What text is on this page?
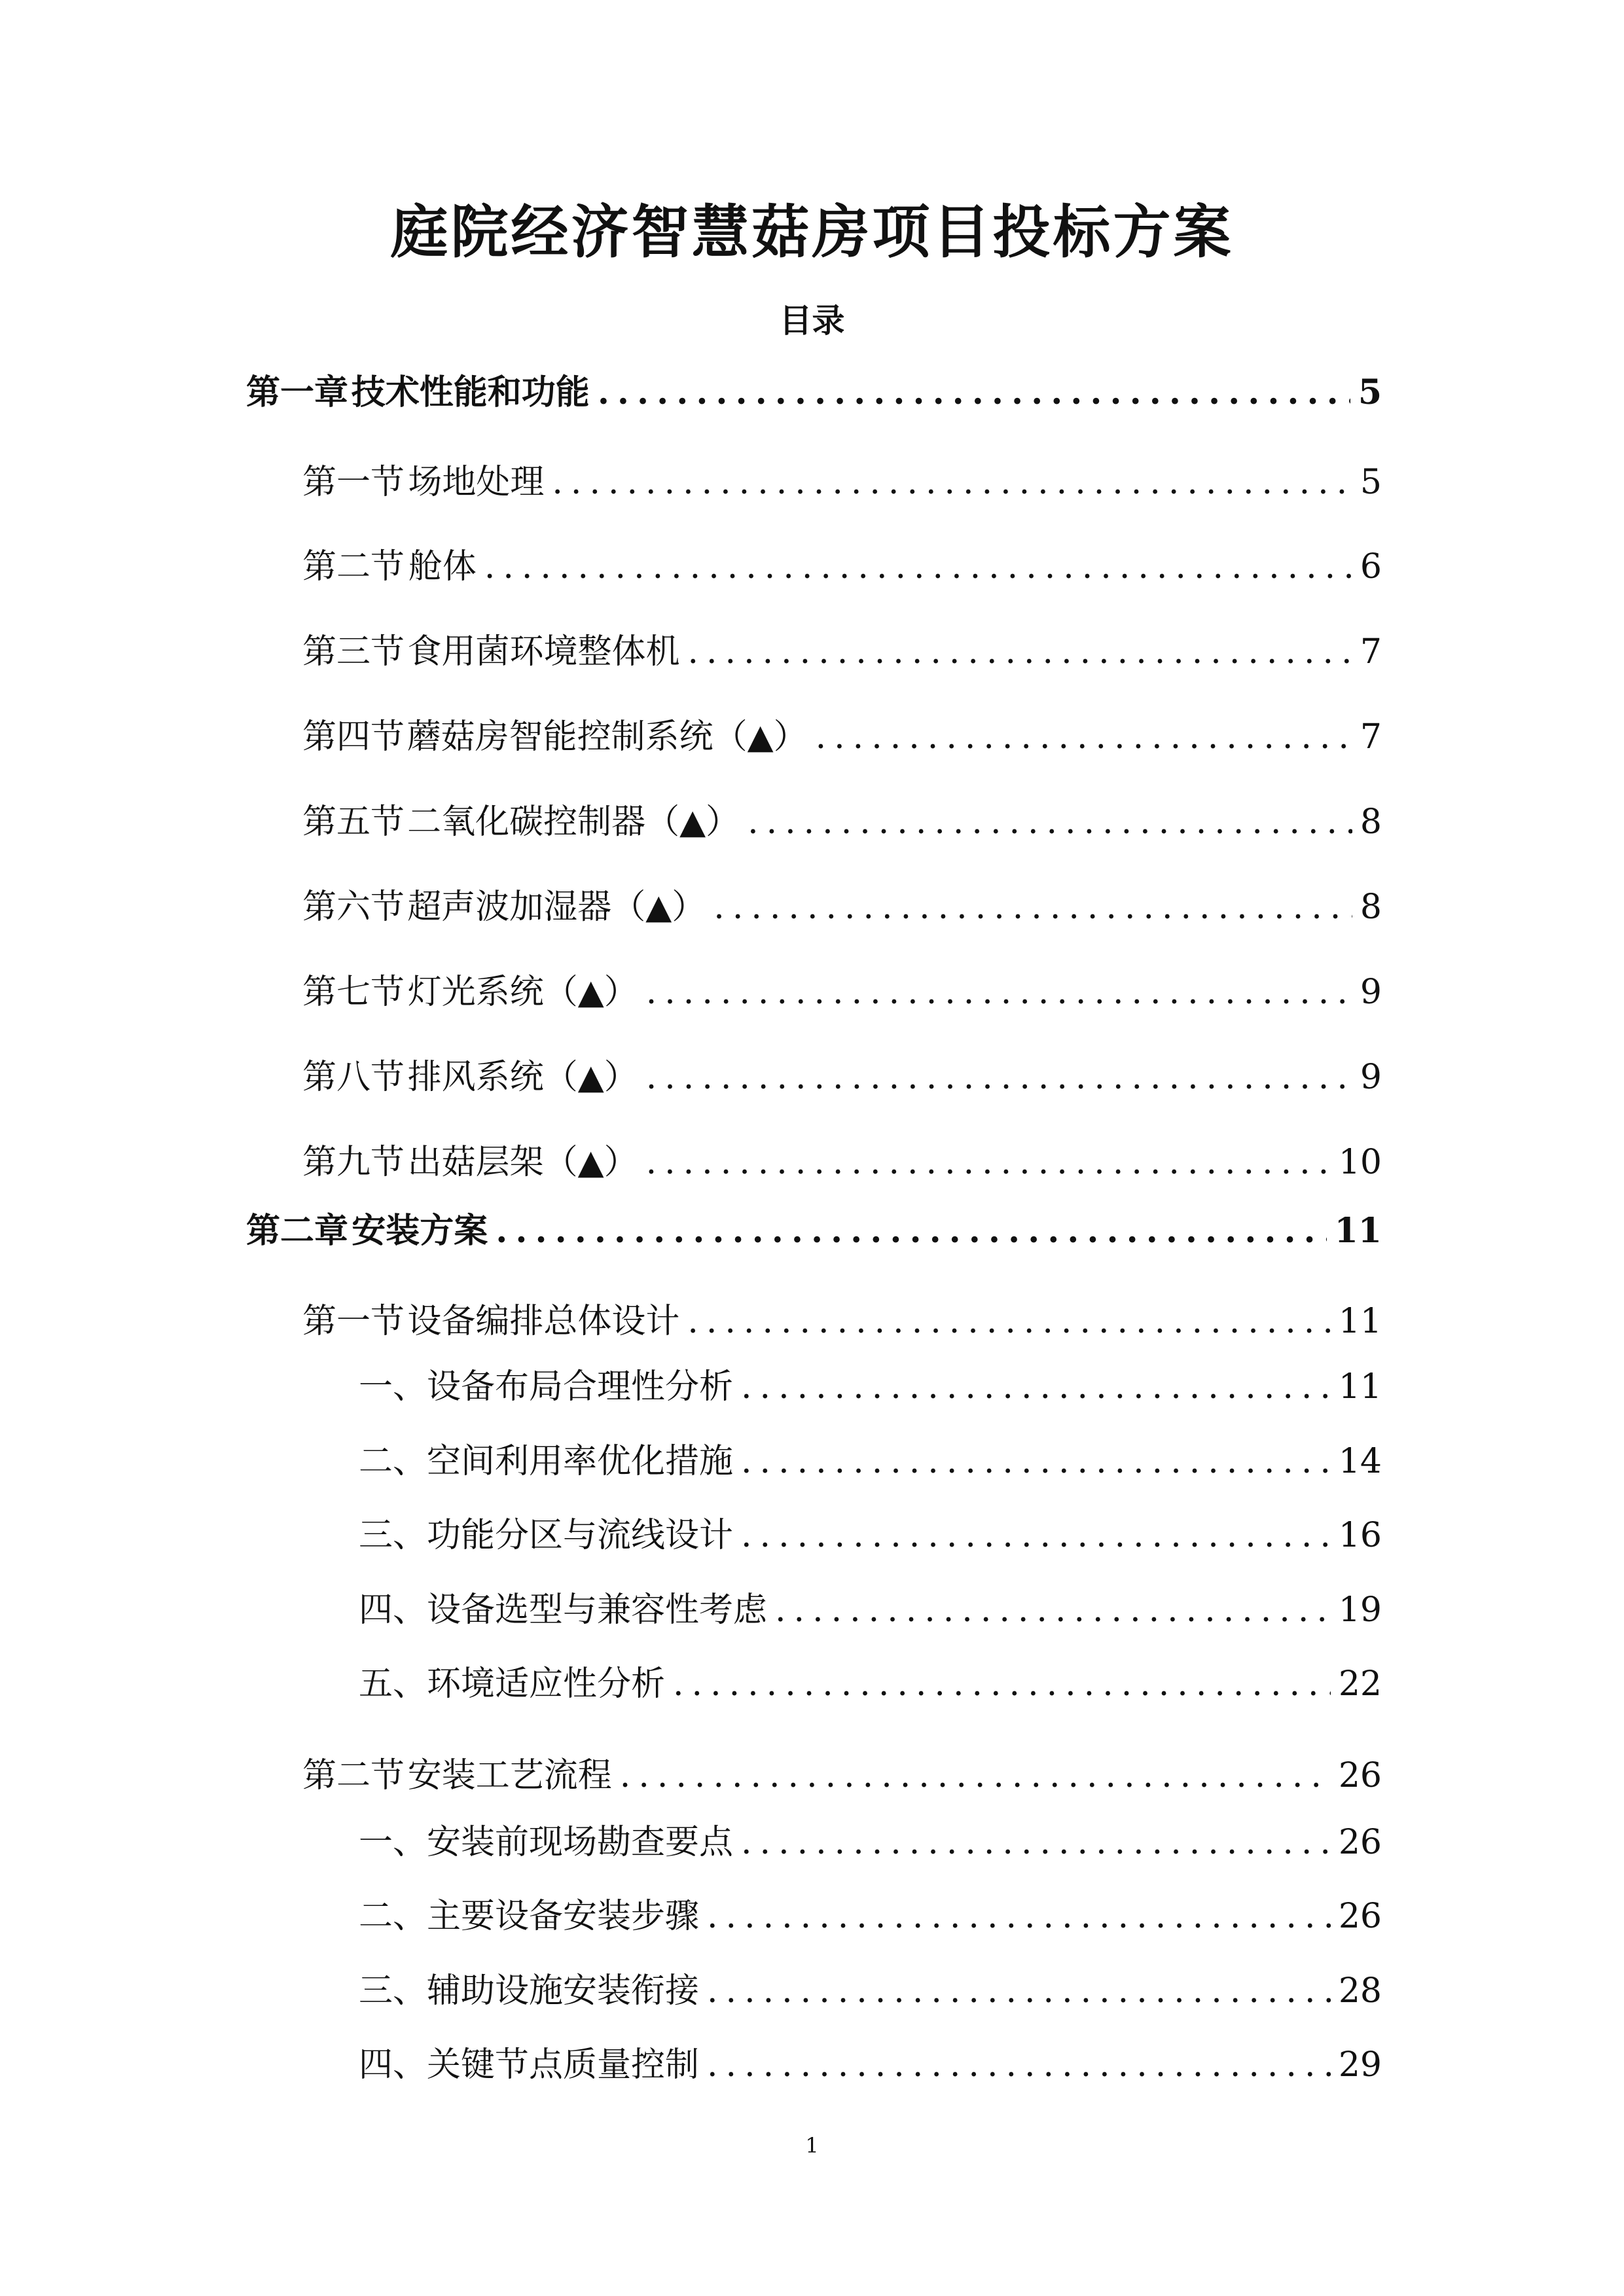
庭院经济智慧菇房项目投标方案
目录
第一章 技术性能和功能 .....	5
第一节 场地处理 .....	5
第二节 舱体 .....	6
第三节 食用菌环境整体机 .....	7
第四节 蘑菇房智能控制系统（▲） .....	7
第五节 二氧化碳控制器（▲） .....	8
第六节 超声波加湿器（▲） .....	8
第七节 灯光系统（▲） .....	9
第八节 排风系统（▲） .....	9
第九节 出菇层架（▲） .....	10
第二章 安装方案 .....	11
第一节 设备编排总体设计 .....	11
一、设备布局合理性分析 .....	11
二、空间利用率优化措施 .....	14
三、功能分区与流线设计 .....	16
四、设备选型与兼容性考虑 .....	19
五、环境适应性分析 .....	22
第二节 安装工艺流程 .....	26
一、安装前现场勘查要点 .....	26
二、主要设备安装步骤 .....	26
三、辅助设施安装衔接 .....	28
四、关键节点质量控制 .....	29
1
